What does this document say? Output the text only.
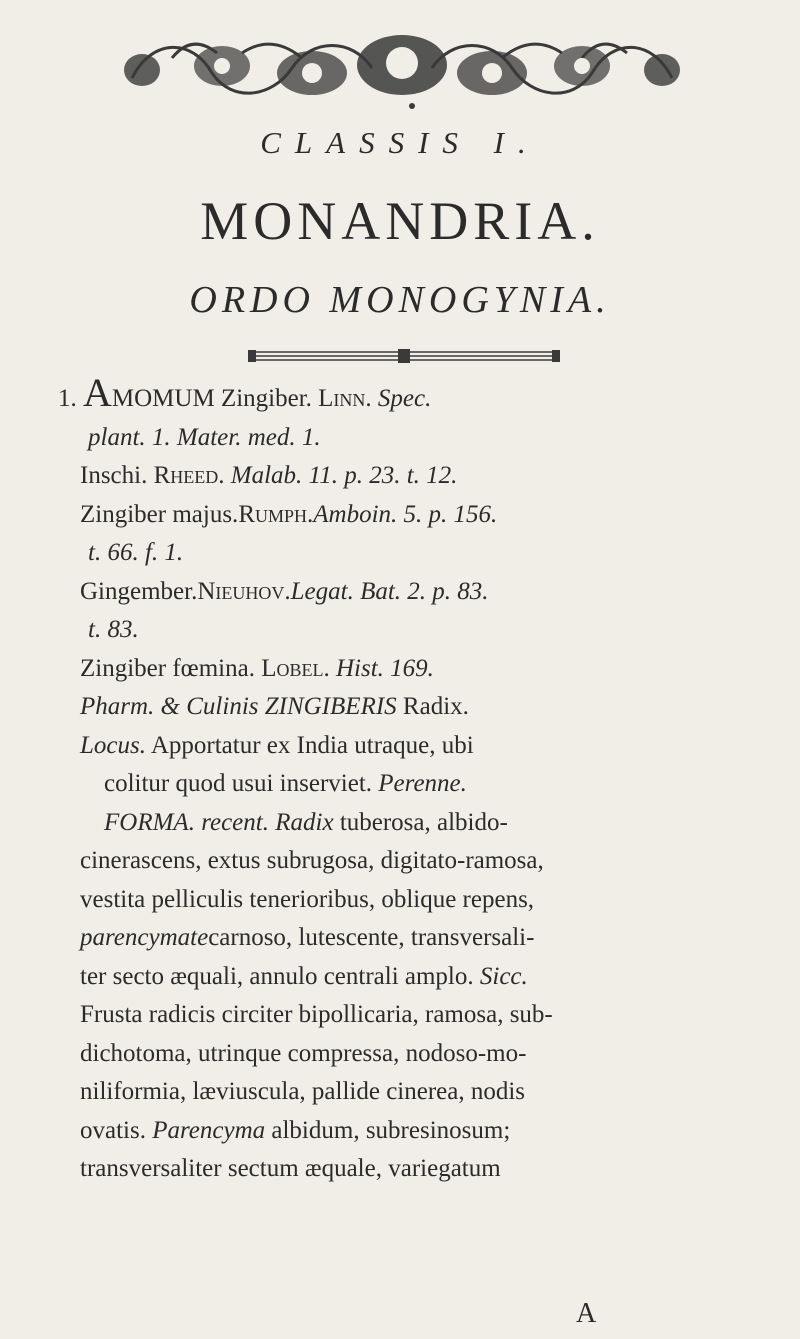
CLASSIS I.
MONANDRIA.
ORDO MONOGYNIA.

1. AMOMUM Zingiber. Linn. Spec.

plant. 1. Mater. med. 1.

Inschi. Rheed. Malab. 11. p. 23. t. 12.

Zingiber majus.Rumph.Amboin. 5. p. 156.

t. 66. f. 1.

Gingember.Nieuhov.Legat. Bat. 2. p. 83.

t. 83.

Zingiber fœmina. Lobel. Hist. 169.

Pharm. & Culinis ZINGIBERIS Radix.

Locus. Apportatur ex India utraque, ubi

colitur quod usui inserviet. Perenne.

FORMA. recent. Radix tuberosa, albido-

cinerascens, extus subrugosa, digitato-ramosa,

vestita pelliculis tenerioribus, oblique repens,

parencymatecarnoso, lutescente, transversali-

ter secto æquali, annulo centrali amplo. Sicc.

Frusta radicis circiter bipollicaria, ramosa, sub-

dichotoma, utrinque compressa, nodoso-mo-

niliformia, læviuscula, pallide cinerea, nodis

ovatis. Parencyma albidum, subresinosum;

transversaliter sectum æquale, variegatum

A
